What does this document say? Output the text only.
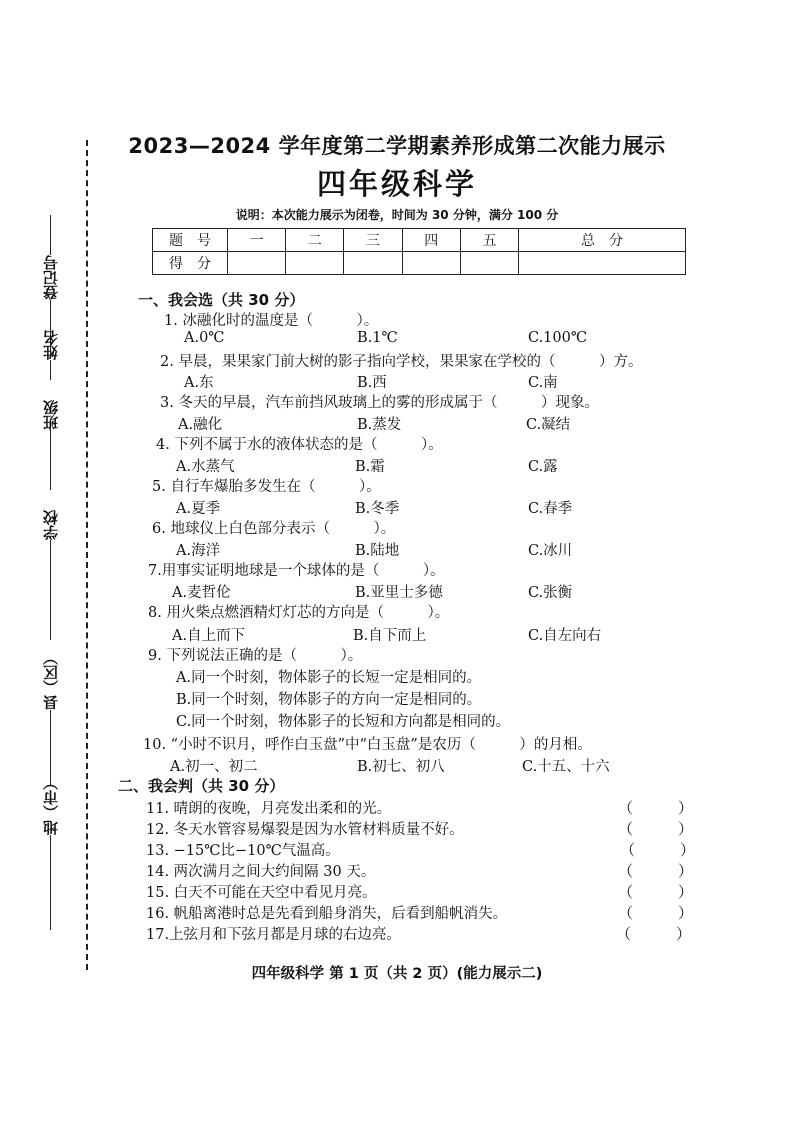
登记号
姓名
班级
学校
县（区）
地（市）
2023—2024 学年度第二学期素养形成第二次能力展示
四年级科学
说明：本次能力展示为闭卷，时间为 30 分钟，满分 100 分
题　号	一	二	三	四	五	总　分
得　分						
一、我会选（共 30 分）
1. 冰融化时的温度是（　　　）。
A.0℃	B.1℃	C.100℃
2. 早晨，果果家门前大树的影子指向学校，果果家在学校的（　　　）方。
A.东	B.西	C.南
3. 冬天的早晨，汽车前挡风玻璃上的雾的形成属于（　　　）现象。
A.融化	B.蒸发	C.凝结
4. 下列不属于水的液体状态的是（　　　）。
A.水蒸气	B.霜	C.露
5. 自行车爆胎多发生在（　　　）。
A.夏季	B.冬季	C.春季
6. 地球仪上白色部分表示（　　　）。
A.海洋	B.陆地	C.冰川
7.用事实证明地球是一个球体的是（　　　）。
A.麦哲伦	B.亚里士多德	C.张衡
8. 用火柴点燃酒精灯灯芯的方向是（　　　）。
A.自上而下	B.自下而上	C.自左向右
9. 下列说法正确的是（　　　）。
A.同一个时刻，物体影子的长短一定是相同的。
B.同一个时刻，物体影子的方向一定是相同的。
C.同一个时刻，物体影子的长短和方向都是相同的。
10. “小时不识月，呼作白玉盘”中“白玉盘”是农历（　　　）的月相。
A.初一、初二	B.初七、初八	C.十五、十六
二、我会判（共 30 分）
11. 晴朗的夜晚，月亮发出柔和的光。	（　　　）
12. 冬天水管容易爆裂是因为水管材料质量不好。	（　　　）
13. −15℃比−10℃气温高。	（　　　）
14. 两次满月之间大约间隔 30 天。	（　　　）
15. 白天不可能在天空中看见月亮。	（　　　）
16. 帆船离港时总是先看到船身消失，后看到船帆消失。	（　　　）
17.上弦月和下弦月都是月球的右边亮。	（　　　）
四年级科学 第 1 页（共 2 页）(能力展示二)
